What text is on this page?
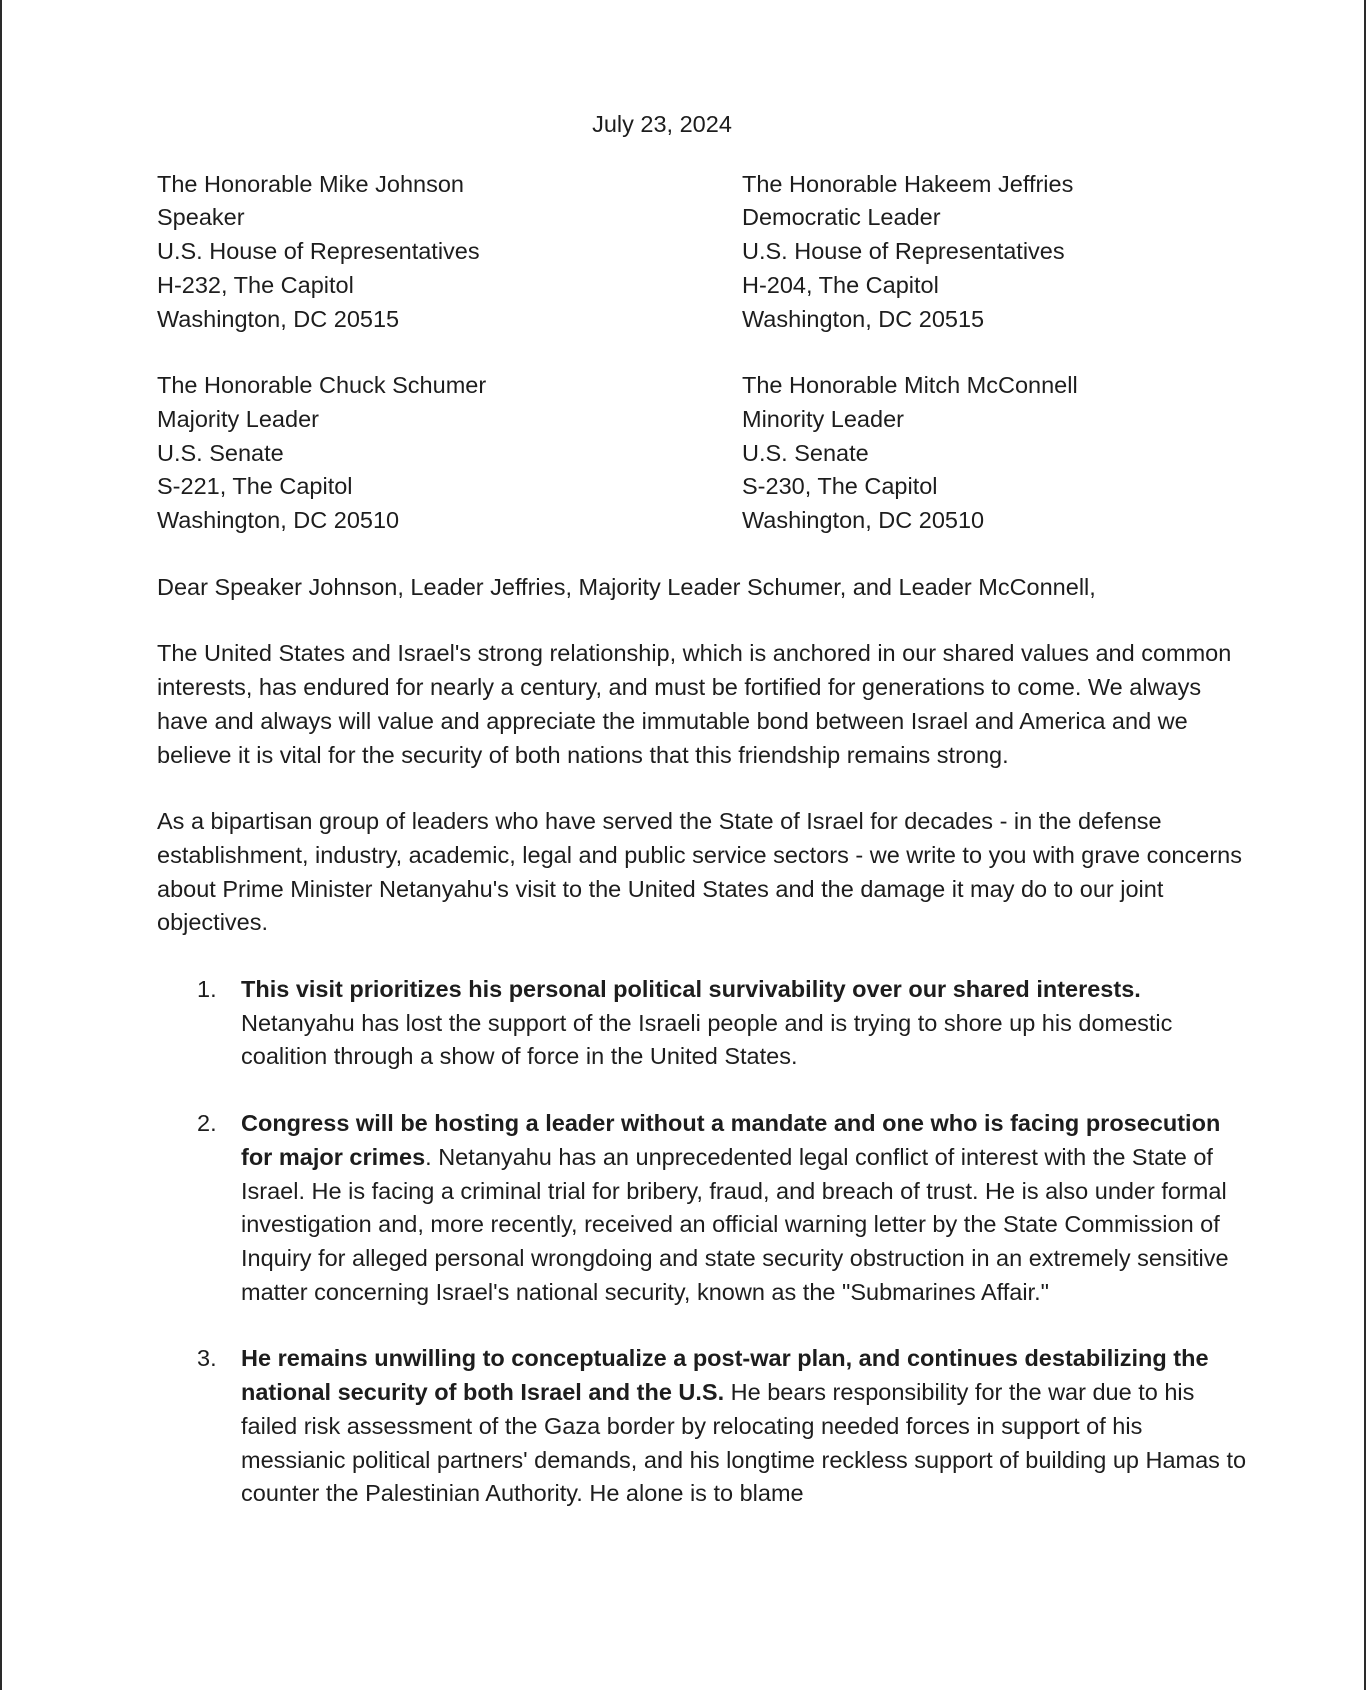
July 23, 2024
The Honorable Mike Johnson
Speaker
U.S. House of Representatives
H-232, The Capitol
Washington, DC 20515
The Honorable Hakeem Jeffries
Democratic Leader
U.S. House of Representatives
H-204, The Capitol
Washington, DC 20515
The Honorable Chuck Schumer
Majority Leader
U.S. Senate
S-221, The Capitol
Washington, DC 20510
The Honorable Mitch McConnell
Minority Leader
U.S. Senate
S-230, The Capitol
Washington, DC 20510
Dear Speaker Johnson, Leader Jeffries, Majority Leader Schumer, and Leader McConnell,

The United States and Israel's strong relationship, which is anchored in our shared values and common interests, has endured for nearly a century, and must be fortified for generations to come. We always have and always will value and appreciate the immutable bond between Israel and America and we believe it is vital for the security of both nations that this friendship remains strong.

As a bipartisan group of leaders who have served the State of Israel for decades - in the defense establishment, industry, academic, legal and public service sectors - we write to you with grave concerns about Prime Minister Netanyahu's visit to the United States and the damage it may do to our joint objectives.

1. This visit prioritizes his personal political survivability over our shared interests. Netanyahu has lost the support of the Israeli people and is trying to shore up his domestic coalition through a show of force in the United States.
2. Congress will be hosting a leader without a mandate and one who is facing prosecution for major crimes. Netanyahu has an unprecedented legal conflict of interest with the State of Israel. He is facing a criminal trial for bribery, fraud, and breach of trust. He is also under formal investigation and, more recently, received an official warning letter by the State Commission of Inquiry for alleged personal wrongdoing and state security obstruction in an extremely sensitive matter concerning Israel's national security, known as the "Submarines Affair."
3. He remains unwilling to conceptualize a post-war plan, and continues destabilizing the national security of both Israel and the U.S. He bears responsibility for the war due to his failed risk assessment of the Gaza border by relocating needed forces in support of his messianic political partners' demands, and his longtime reckless support of building up Hamas to counter the Palestinian Authority. He alone is to blame
